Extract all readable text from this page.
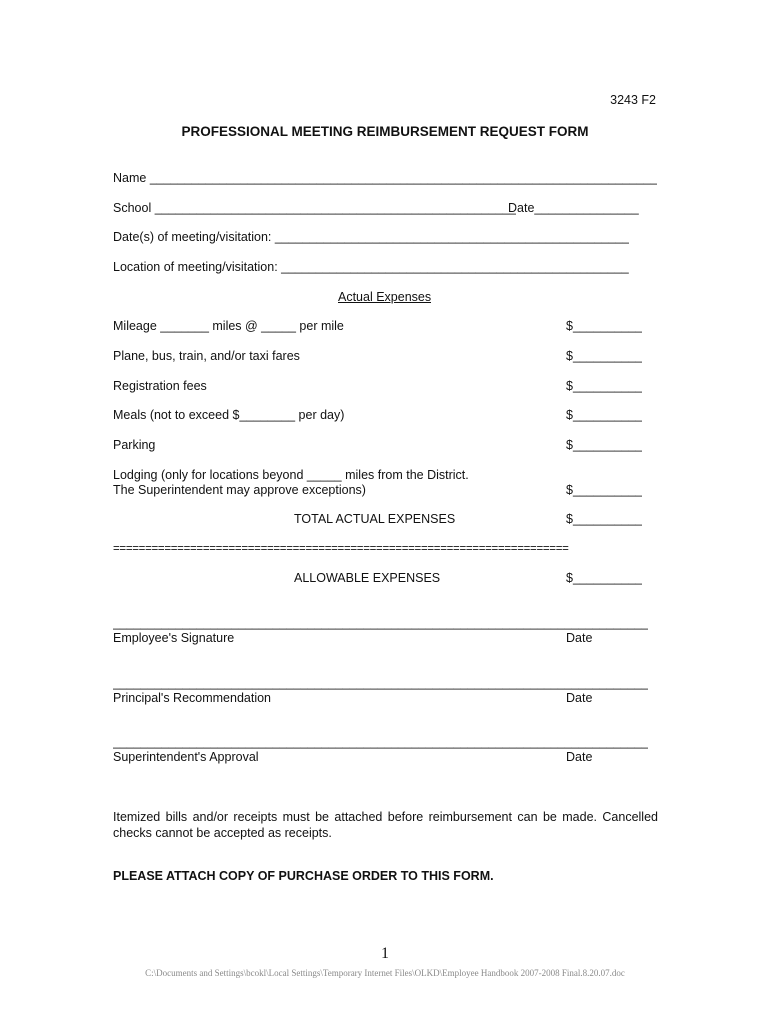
3243 F2
PROFESSIONAL MEETING REIMBURSEMENT REQUEST FORM
Name _________________________________________________________________________
School ____________________________________________________
Date_______________
Date(s) of meeting/visitation: ___________________________________________________
Location of meeting/visitation: __________________________________________________
Actual Expenses
Mileage _______ miles @ _____ per mile	$__________
Plane, bus, train, and/or taxi fares	$__________
Registration fees	$__________
Meals (not to exceed $________ per day)	$__________
Parking	$__________
Lodging (only for locations beyond _____ miles from the District.
The Superintendent may approve exceptions)	$__________
TOTAL ACTUAL EXPENSES	$__________
=======================================================================
ALLOWABLE EXPENSES	$__________
_____________________________________________________________________________
Employee's Signature	Date
_____________________________________________________________________________
Principal's Recommendation	Date
_____________________________________________________________________________
Superintendent's Approval	Date
Itemized bills and/or receipts must be attached before reimbursement can be made. Cancelled checks cannot be accepted as receipts.
PLEASE ATTACH COPY OF PURCHASE ORDER TO THIS FORM.
1
C:\Documents and Settings\bcokl\Local Settings\Temporary Internet Files\OLKD\Employee Handbook 2007-2008 Final.8.20.07.doc
